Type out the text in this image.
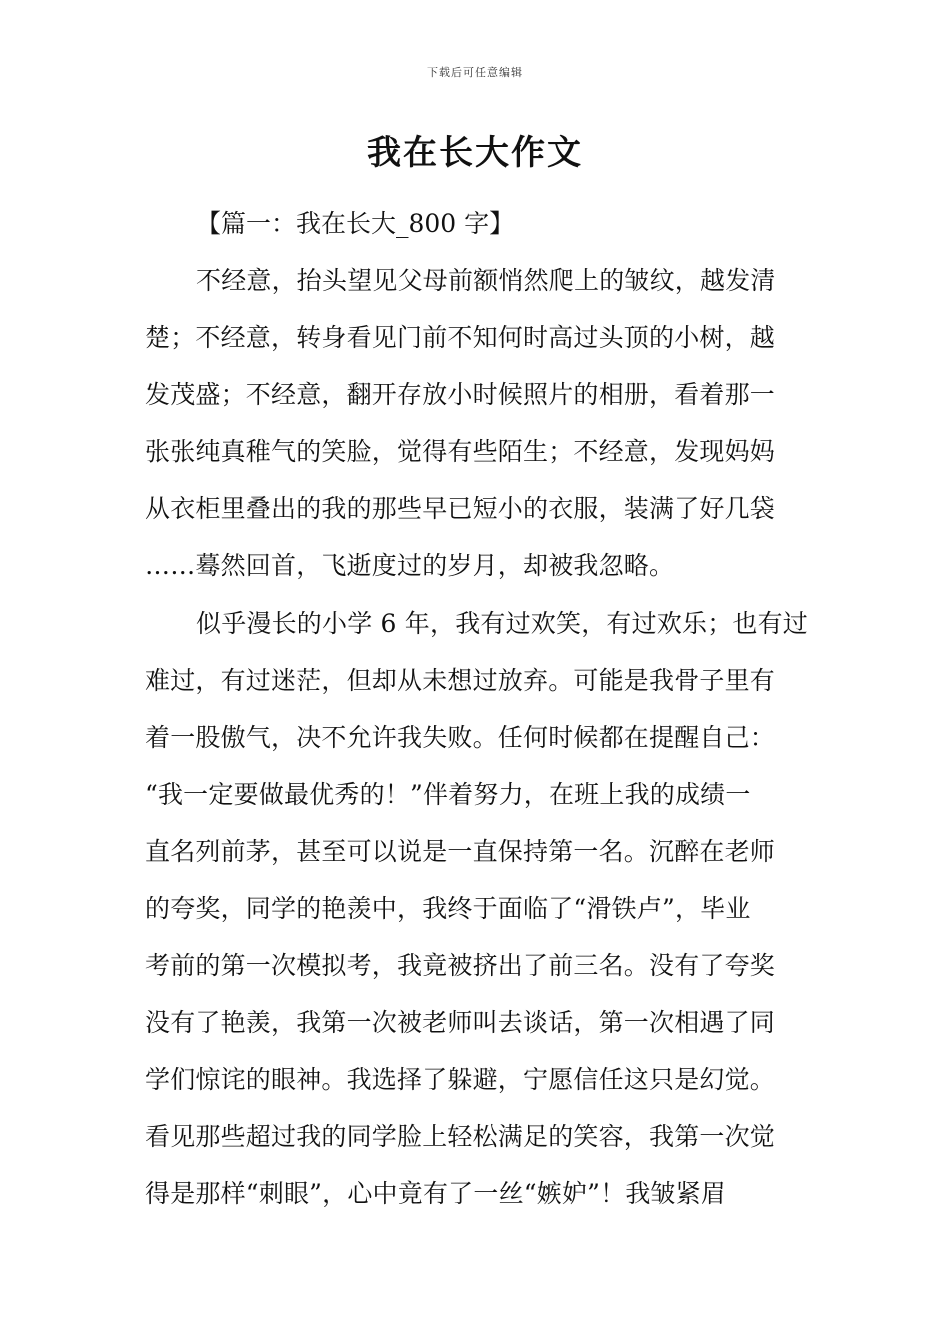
下载后可任意编辑
我在长大作文
【篇一：我在长大_800 字】
不经意，抬头望见父母前额悄然爬上的皱纹，越发清
楚；不经意，转身看见门前不知何时高过头顶的小树，越
发茂盛；不经意，翻开存放小时候照片的相册，看着那一
张张纯真稚气的笑脸，觉得有些陌生；不经意，发现妈妈
从衣柜里叠出的我的那些早已短小的衣服，装满了好几袋
……蓦然回首，飞逝度过的岁月，却被我忽略。
似乎漫长的小学 6 年，我有过欢笑，有过欢乐；也有过
难过，有过迷茫，但却从未想过放弃。可能是我骨子里有
着一股傲气，决不允许我失败。任何时候都在提醒自己：
“我一定要做最优秀的！”伴着努力，在班上我的成绩一
直名列前茅，甚至可以说是一直保持第一名。沉醉在老师
的夸奖，同学的艳羡中，我终于面临了“滑铁卢”，毕业
考前的第一次模拟考，我竟被挤出了前三名。没有了夸奖
没有了艳羡，我第一次被老师叫去谈话，第一次相遇了同
学们惊诧的眼神。我选择了躲避，宁愿信任这只是幻觉。
看见那些超过我的同学脸上轻松满足的笑容，我第一次觉
得是那样“刺眼”，心中竟有了一丝“嫉妒”！我皱紧眉
